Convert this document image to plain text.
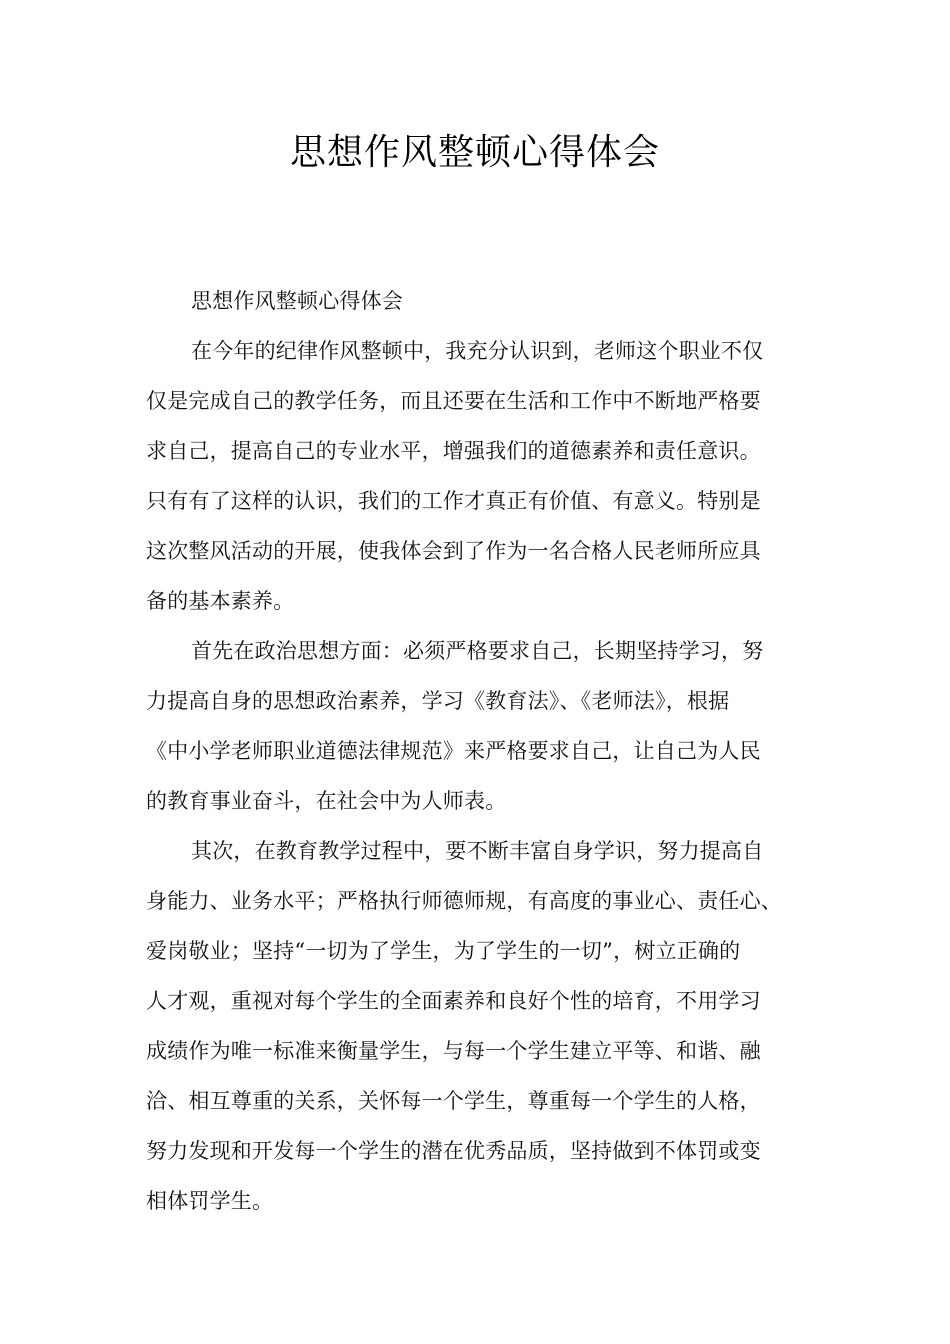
思想作风整顿心得体会
思想作风整顿心得体会
在今年的纪律作风整顿中，我充分认识到，老师这个职业不仅
仅是完成自己的教学任务，而且还要在生活和工作中不断地严格要
求自己，提高自己的专业水平，增强我们的道德素养和责任意识。
只有有了这样的认识，我们的工作才真正有价值、有意义。特别是
这次整风活动的开展，使我体会到了作为一名合格人民老师所应具
备的基本素养。
首先在政治思想方面：必须严格要求自己，长期坚持学习，努
力提高自身的思想政治素养，学习《教育法》、《老师法》，根据
《中小学老师职业道德法律规范》来严格要求自己，让自己为人民
的教育事业奋斗，在社会中为人师表。
其次，在教育教学过程中，要不断丰富自身学识，努力提高自
身能力、业务水平；严格执行师德师规，有高度的事业心、责任心、
爱岗敬业；坚持“一切为了学生，为了学生的一切”，树立正确的
人才观，重视对每个学生的全面素养和良好个性的培育，不用学习
成绩作为唯一标准来衡量学生，与每一个学生建立平等、和谐、融
洽、相互尊重的关系，关怀每一个学生，尊重每一个学生的人格，
努力发现和开发每一个学生的潜在优秀品质，坚持做到不体罚或变
相体罚学生。
